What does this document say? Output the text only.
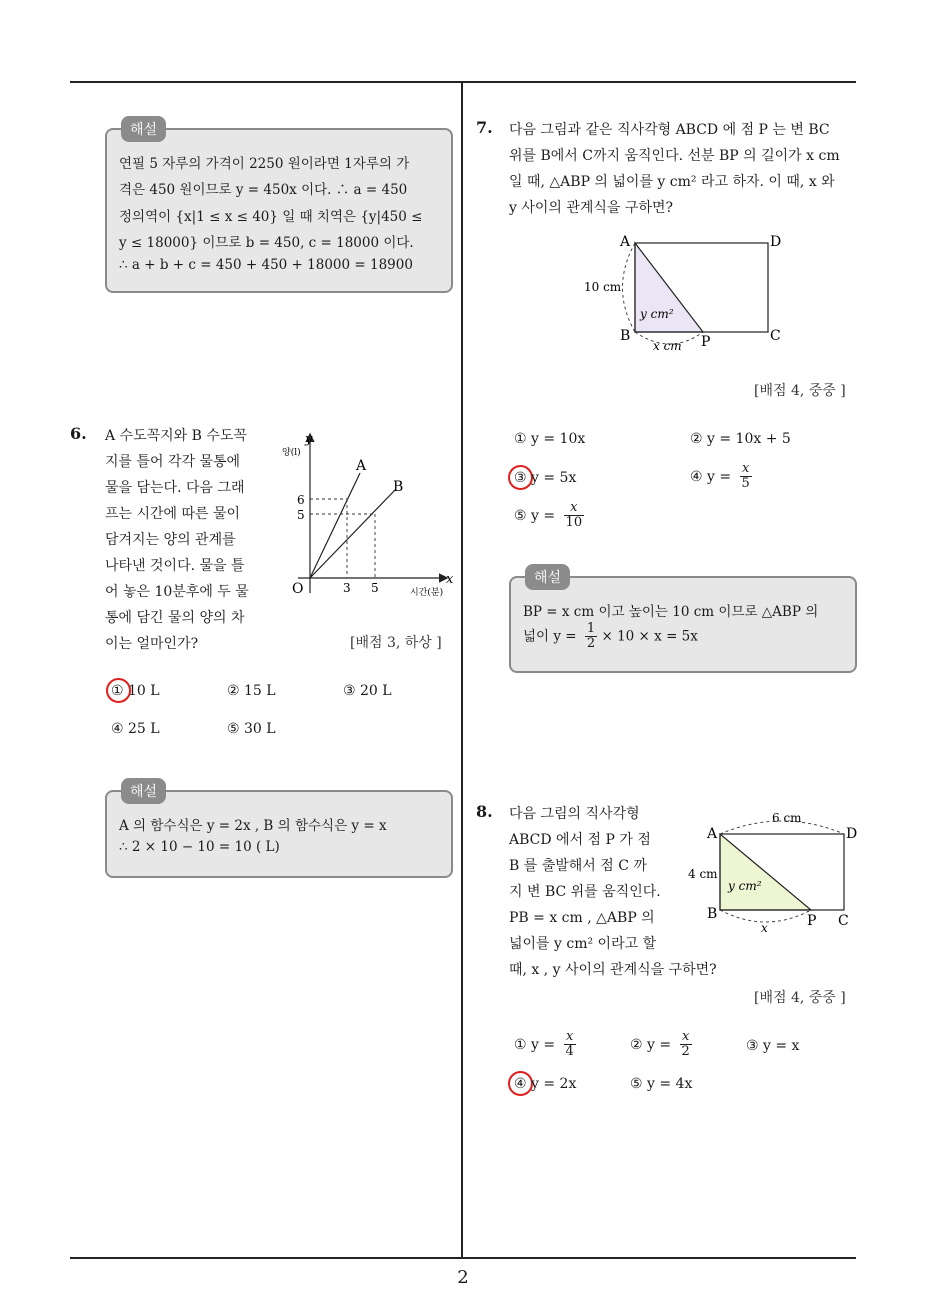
2
해설
연필 5 자루의 가격이 2250 원이라면 1자루의 가
격은 450 원이므로 y = 450x 이다. ∴ a = 450
정의역이 {x|1 ≤ x ≤ 40} 일 때 치역은 {y|450 ≤
y ≤ 18000} 이므로 b = 450, c = 18000 이다.
∴ a + b + c = 450 + 450 + 18000 = 18900
6. A 수도꼭지와 B 수도꼭
지를 틀어 각각 물통에
물을 담는다. 다음 그래
프는 시간에 따른 물이
담겨지는 양의 관계를
나타낸 것이다. 물을 틀
어 놓은 10분후에 두 물
통에 담긴 물의 양의 차
이는 얼마인가?
y
양(l)
x
시간(분)
O
A
B
6
5
3 5
[배점 3, 하상 ]
① 10 L	② 15 L	③ 20 L
④ 25 L	⑤ 30 L
해설
A 의 함수식은 y = 2x , B 의 함수식은 y = x
∴ 2 × 10 − 10 = 10 ( L)
7. 다음 그림과 같은 직사각형 ABCD 에 점 P 는 변 BC
위를 B에서 C까지 움직인다. 선분 BP 의 길이가 x cm
일 때, △ABP 의 넓이를 y cm² 라고 하자. 이 때, x 와
y 사이의 관계식을 구하면?
A	D
B	C
P
10 cm
y cm²
x cm
[배점 4, 중중 ]
① y = 10x	② y = 10x + 5
③ y = 5x	④ $y = \frac{x}{5}$
⑤ $y = \frac{x}{10}$
해설
BP = x cm 이고 높이는 10 cm 이므로 △ABP 의
넓이 $y = \frac{1}{2} \times 10 \times x = 5x$
8. 다음 그림의 직사각형
ABCD 에서 점 P 가 점
B 를 출발해서 점 C 까
지 변 BC 위를 움직인다.
PB = x cm , △ABP 의
넓이를 y cm² 이라고 할
때, x , y 사이의 관계식을 구하면?
A	D
B	C
P
6 cm
4 cm
y cm²
x
[배점 4, 중중 ]
① $y = \frac{x}{4}$	② $y = \frac{x}{2}$	③ y = x
④ y = 2x	⑤ y = 4x
